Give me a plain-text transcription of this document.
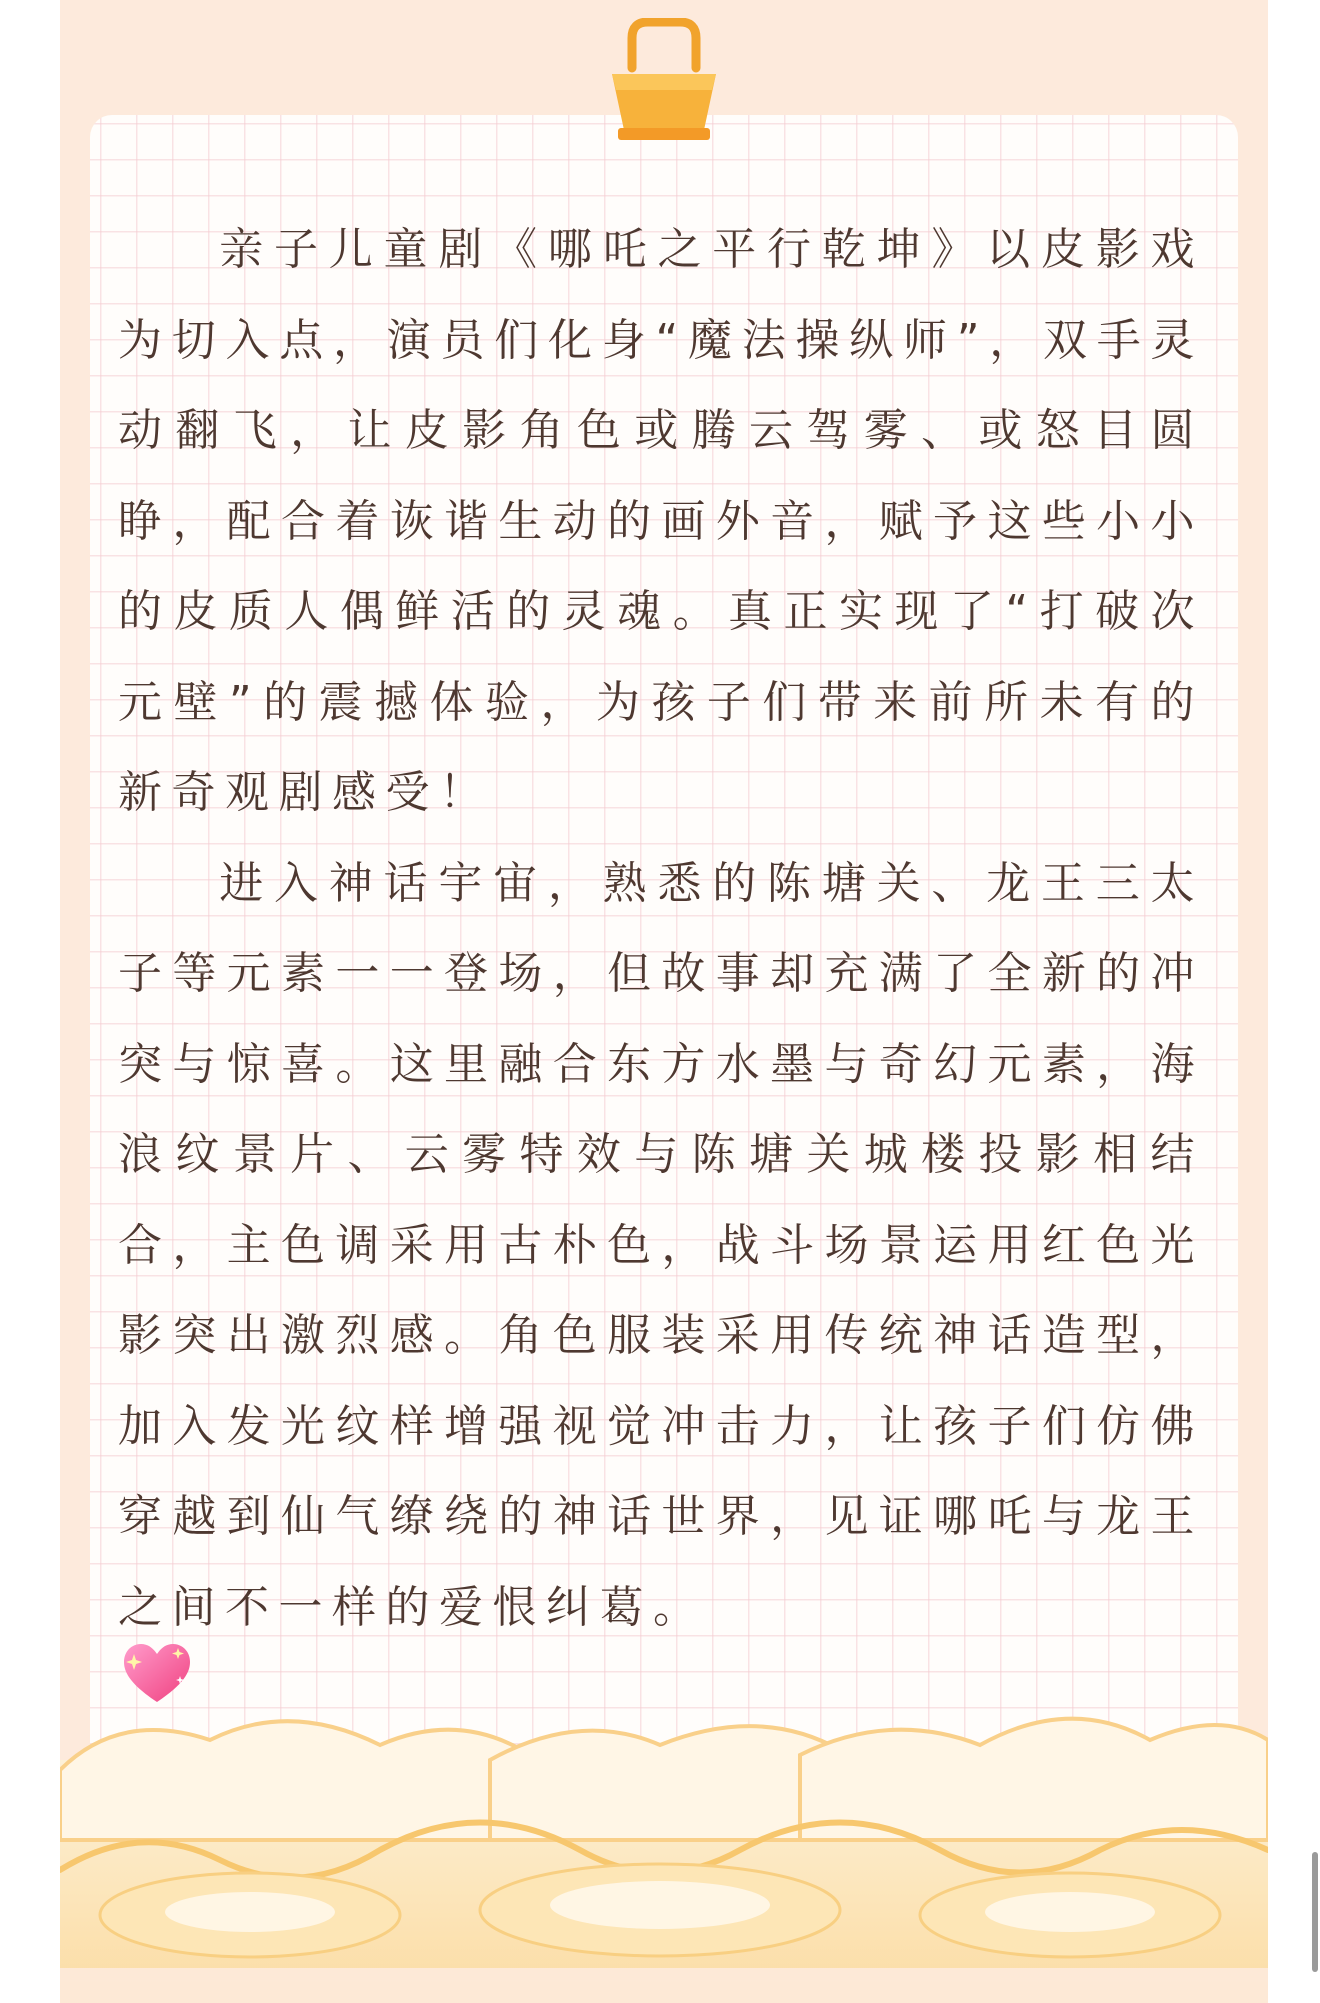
亲子儿童剧《哪吒之平行乾坤》以皮影戏为切入点，演员们化身“魔法操纵师”，双手灵动翻飞，让皮影角色或腾云驾雾、或怒目圆睁，配合着诙谐生动的画外音，赋予这些小小的皮质人偶鲜活的灵魂。真正实现了“打破次元壁”的震撼体验，为孩子们带来前所未有的新奇观剧感受！

进入神话宇宙，熟悉的陈塘关、龙王三太子等元素一一登场，但故事却充满了全新的冲突与惊喜。这里融合东方水墨与奇幻元素，海浪纹景片、云雾特效与陈塘关城楼投影相结合，主色调采用古朴色，战斗场景运用红色光影突出激烈感。角色服装采用传统神话造型，加入发光纹样增强视觉冲击力，让孩子们仿佛穿越到仙气缭绕的神话世界，见证哪吒与龙王之间不一样的爱恨纠葛。
